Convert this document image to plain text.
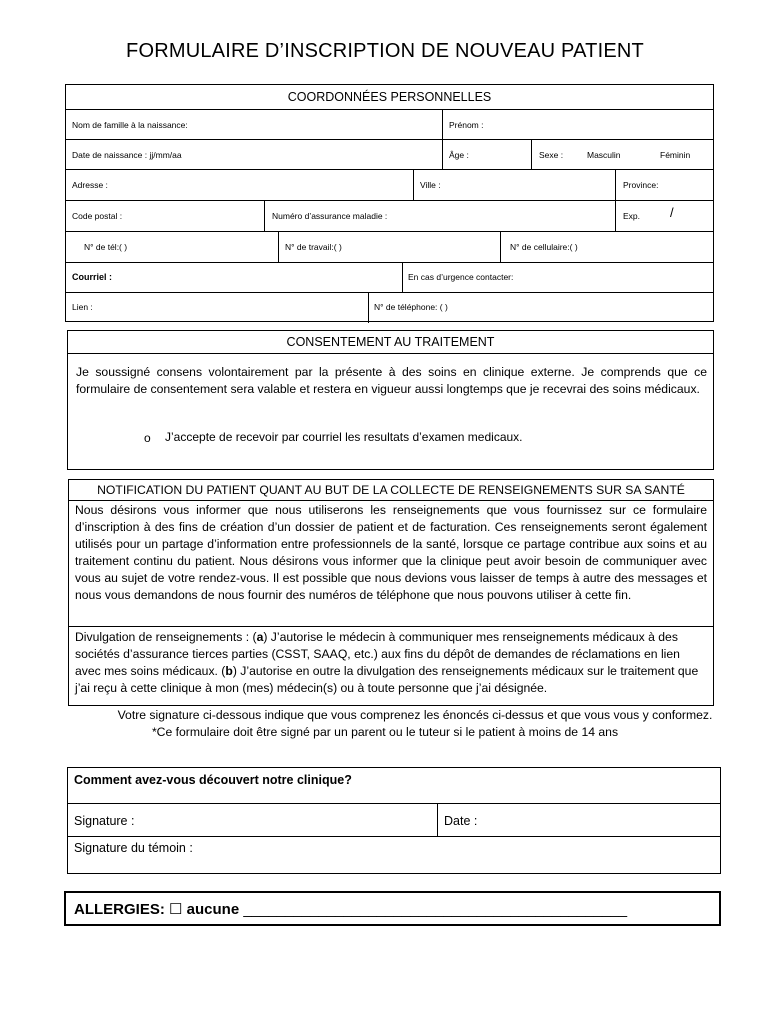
FORMULAIRE D’INSCRIPTION DE NOUVEAU PATIENT
COORDONNÉES PERSONNELLES
Nom de famille à la naissance:	Prénom :
Date de naissance : jj/mm/aa	Âge :	Sexe :	Masculin	Féminin
Adresse :	Ville :	Province:
Code postal :	Numéro d’assurance maladie :	Exp. /
N° de tél:( )	N° de travail:( )	N° de cellulaire:( )
Courriel :	En cas d’urgence contacter:
Lien :	N° de téléphone: ( )
CONSENTEMENT AU TRAITEMENT
Je soussigné consens volontairement par la présente à des soins en clinique externe. Je comprends que ce formulaire de consentement sera valable et restera en vigueur aussi longtemps que je recevrai des soins médicaux.
o J’accepte de recevoir par courriel les resultats d’examen medicaux.
NOTIFICATION DU PATIENT QUANT AU BUT DE LA COLLECTE DE RENSEIGNEMENTS SUR SA SANTÉ
Nous désirons vous informer que nous utiliserons les renseignements que vous fournissez sur ce formulaire d’inscription à des fins de création d’un dossier de patient et de facturation. Ces renseignements seront également utilisés pour un partage d’information entre professionnels de la santé, lorsque ce partage contribue aux soins et au traitement continu du patient. Nous désirons vous informer que la clinique peut avoir besoin de communiquer avec vous au sujet de votre rendez-vous. Il est possible que nous devions vous laisser de temps à autre des messages et nous vous demandons de nous fournir des numéros de téléphone que nous pouvons utiliser à cette fin.
Divulgation de renseignements : (a) J’autorise le médecin à communiquer mes renseignements médicaux à des sociétés d’assurance tierces parties (CSST, SAAQ, etc.) aux fins du dépôt de demandes de réclamations en lien avec mes soins médicaux. (b) J’autorise en outre la divulgation des renseignements médicaux sur le traitement que j’ai reçu à cette clinique à mon (mes) médecin(s) ou à toute personne que j’ai désignée.
Votre signature ci-dessous indique que vous comprenez les énoncés ci-dessus et que vous vous y conformez.
*Ce formulaire doit être signé par un parent ou le tuteur si le patient à moins de 14 ans
Comment avez-vous découvert notre clinique?
Signature :	Date :
Signature du témoin :
ALLERGIES: ☐ aucune ______________________________________________
